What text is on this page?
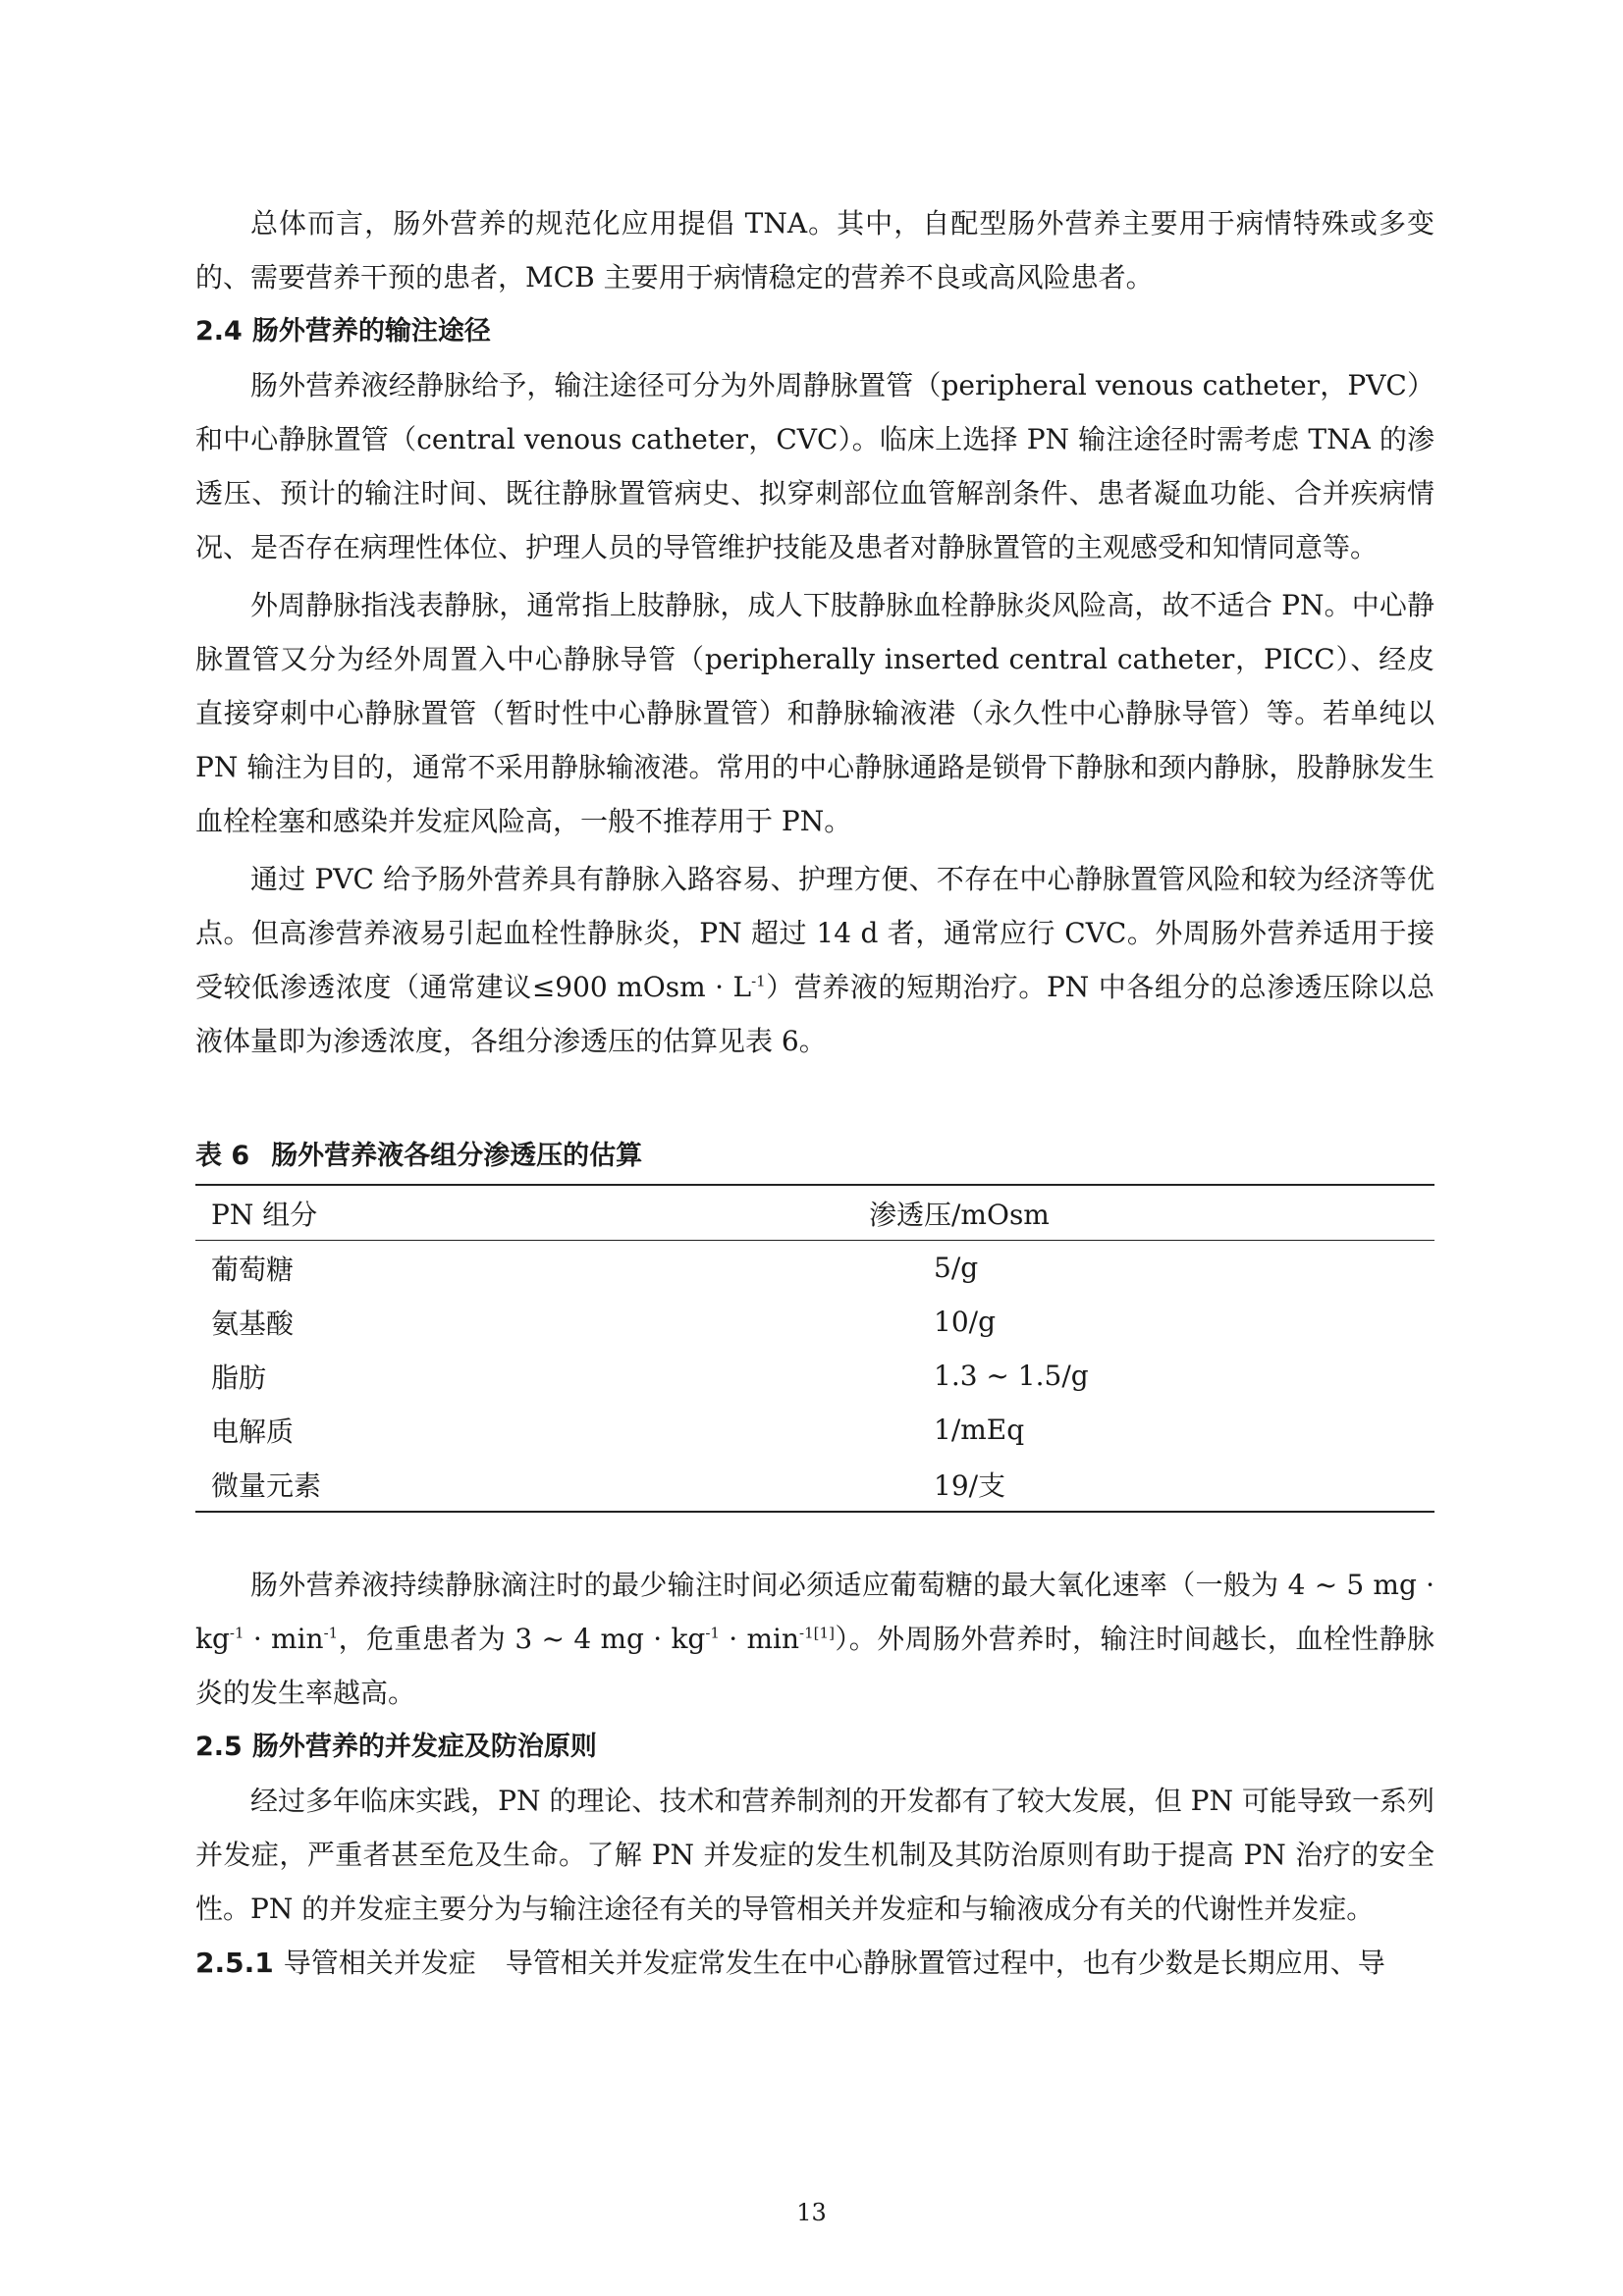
总体而言，肠外营养的规范化应用提倡 TNA。其中，自配型肠外营养主要用于病情特殊或多变的、需要营养干预的患者，MCB 主要用于病情稳定的营养不良或高风险患者。

2.4 肠外营养的输注途径

肠外营养液经静脉给予，输注途径可分为外周静脉置管（peripheral venous catheter，PVC）和中心静脉置管（central venous catheter，CVC）。临床上选择 PN 输注途径时需考虑 TNA 的渗透压、预计的输注时间、既往静脉置管病史、拟穿刺部位血管解剖条件、患者凝血功能、合并疾病情况、是否存在病理性体位、护理人员的导管维护技能及患者对静脉置管的主观感受和知情同意等。

外周静脉指浅表静脉，通常指上肢静脉，成人下肢静脉血栓静脉炎风险高，故不适合 PN。中心静脉置管又分为经外周置入中心静脉导管（peripherally inserted central catheter，PICC）、经皮直接穿刺中心静脉置管（暂时性中心静脉置管）和静脉输液港（永久性中心静脉导管）等。若单纯以 PN 输注为目的，通常不采用静脉输液港。常用的中心静脉通路是锁骨下静脉和颈内静脉，股静脉发生血栓栓塞和感染并发症风险高，一般不推荐用于 PN。

通过 PVC 给予肠外营养具有静脉入路容易、护理方便、不存在中心静脉置管风险和较为经济等优点。但高渗营养液易引起血栓性静脉炎，PN 超过 14 d 者，通常应行 CVC。外周肠外营养适用于接受较低渗透浓度（通常建议≤900 mOsm · $L^{-1}$）营养液的短期治疗。PN 中各组分的总渗透压除以总液体量即为渗透浓度，各组分渗透压的估算见表 6。

表 6 肠外营养液各组分渗透压的估算
PN 组分	渗透压/mOsm
葡萄糖	5/g
氨基酸	10/g
脂肪	1.3 ~ 1.5/g
电解质	1/mEq
微量元素	19/支

肠外营养液持续静脉滴注时的最少输注时间必须适应葡萄糖的最大氧化速率（一般为 4 ~ 5 mg · $kg^{-1} \cdot \min^{-1}$，危重患者为 3 ~ 4 mg · $kg^{-1} \cdot \min^{-1[1]}$）。外周肠外营养时，输注时间越长，血栓性静脉炎的发生率越高。

2.5 肠外营养的并发症及防治原则

经过多年临床实践，PN 的理论、技术和营养制剂的开发都有了较大发展，但 PN 可能导致一系列并发症，严重者甚至危及生命。了解 PN 并发症的发生机制及其防治原则有助于提高 PN 治疗的安全性。PN 的并发症主要分为与输注途径有关的导管相关并发症和与输液成分有关的代谢性并发症。

2.5.1 导管相关并发症 导管相关并发症常发生在中心静脉置管过程中，也有少数是长期应用、导

13
